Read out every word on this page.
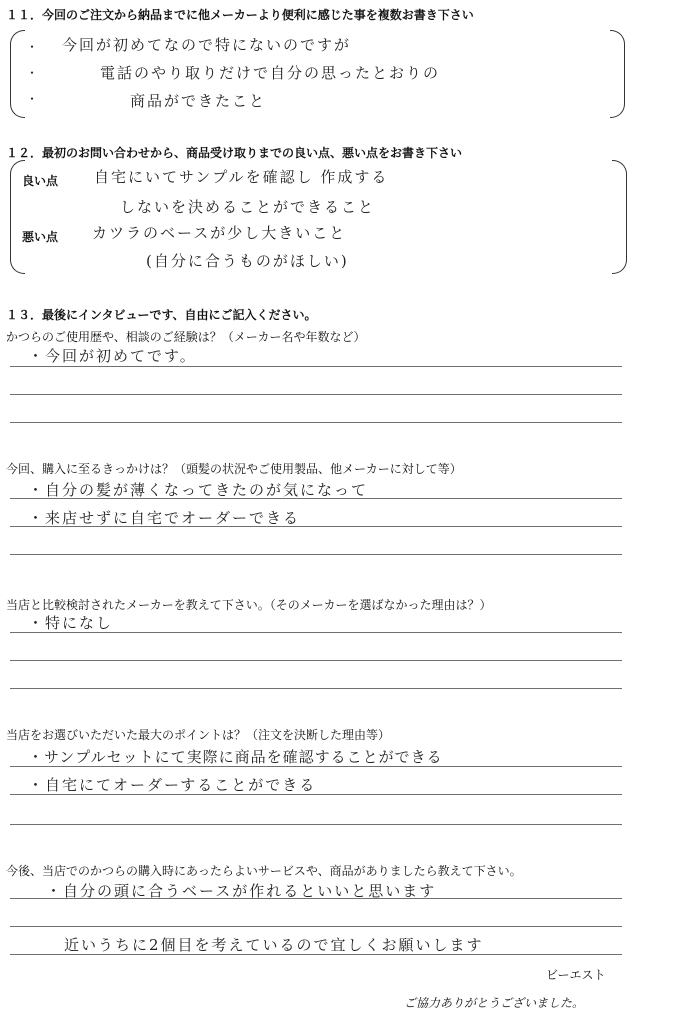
１１．今回のご注文から納品までに他メーカーより便利に感じた事を複数お書き下さい
・
・
・
今回が初めてなので特にないのですが
電話のやり取りだけで自分の思ったとおりの
商品ができたこと
１２．最初のお問い合わせから、商品受け取りまでの良い点、悪い点をお書き下さい
良い点 自宅にいてサンプルを確認し 作成する
しないを決めることができること
悪い点 カツラのベースが少し大きいこと
(自分に合うものがほしい)
１３．最後にインタビューです、自由にご記入ください。
かつらのご使用歴や、相談のご経験は？（メーカー名や年数など）
・今回が初めてです。
今回、購入に至るきっかけは？（頭髪の状況やご使用製品、他メーカーに対して等）
・自分の髪が薄くなってきたのが気になって
・来店せずに自宅でオーダーできる
当店と比較検討されたメーカーを教えて下さい。（そのメーカーを選ばなかった理由は？）
・特になし
当店をお選びいただいた最大のポイントは？（注文を決断した理由等）
・サンプルセットにて実際に商品を確認することができる
・自宅にてオーダーすることができる
今後、当店でのかつらの購入時にあったらよいサービスや、商品がありましたら教えて下さい。
・自分の頭に合うベースが作れるといいと思います
近いうちに2個目を考えているので宜しくお願いします
ビーエスト
ご協力ありがとうございました。
